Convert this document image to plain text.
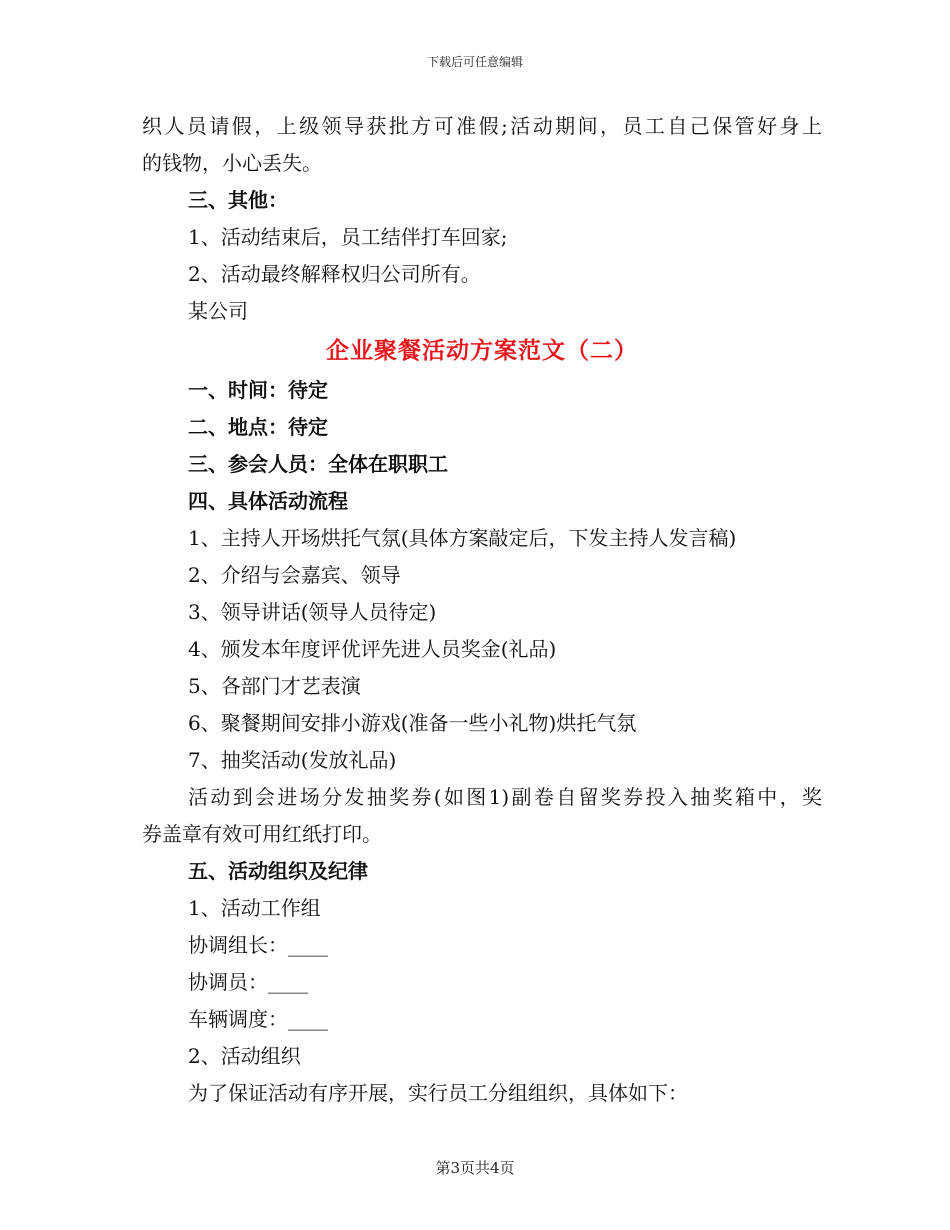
下载后可任意编辑
织人员请假，上级领导获批方可准假;活动期间，员工自己保管好身上
的钱物，小心丢失。
三、其他：
1、活动结束后，员工结伴打车回家;
2、活动最终解释权归公司所有。
某公司
企业聚餐活动方案范文（二）
一、时间：待定
二、地点：待定
三、参会人员：全体在职职工
四、具体活动流程
1、主持人开场烘托气氛(具体方案敲定后，下发主持人发言稿)
2、介绍与会嘉宾、领导
3、领导讲话(领导人员待定)
4、颁发本年度评优评先进人员奖金(礼品)
5、各部门才艺表演
6、聚餐期间安排小游戏(准备一些小礼物)烘托气氛
7、抽奖活动(发放礼品)
活动到会进场分发抽奖券(如图1)副卷自留奖券投入抽奖箱中，奖
券盖章有效可用红纸打印。
五、活动组织及纪律
1、活动工作组
协调组长：____
协调员：____
车辆调度：____
2、活动组织
为了保证活动有序开展，实行员工分组组织，具体如下：
第3页共4页
